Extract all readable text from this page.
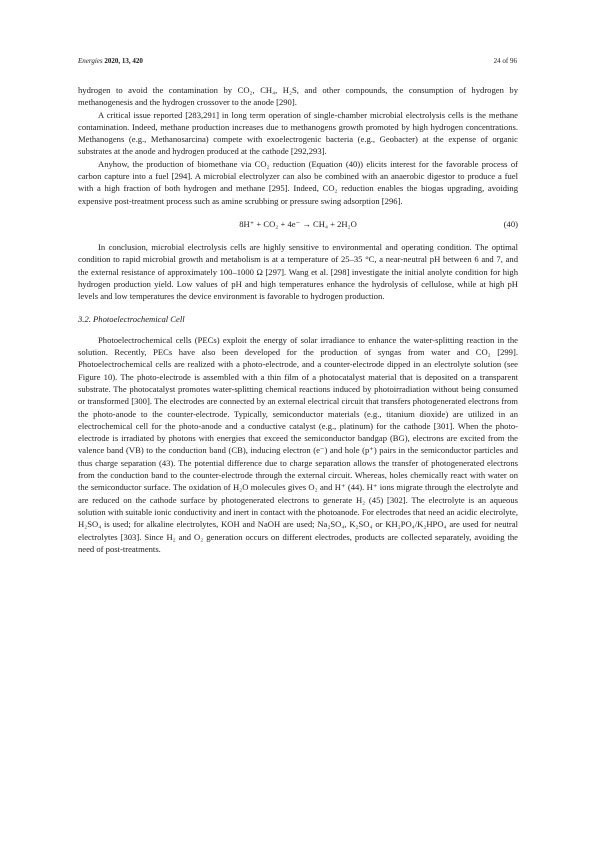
Energies 2020, 13, 420	24 of 96

hydrogen to avoid the contamination by CO₂, CH₄, H₂S, and other compounds, the consumption of hydrogen by methanogenesis and the hydrogen crossover to the anode [290].

A critical issue reported [283,291] in long term operation of single-chamber microbial electrolysis cells is the methane contamination. Indeed, methane production increases due to methanogens growth promoted by high hydrogen concentrations. Methanogens (e.g., Methanosarcina) compete with exoelectrogenic bacteria (e.g., Geobacter) at the expense of organic substrates at the anode and hydrogen produced at the cathode [292,293].

Anyhow, the production of biomethane via CO₂ reduction (Equation (40)) elicits interest for the favorable process of carbon capture into a fuel [294]. A microbial electrolyzer can also be combined with an anaerobic digestor to produce a fuel with a high fraction of both hydrogen and methane [295]. Indeed, CO₂ reduction enables the biogas upgrading, avoiding expensive post-treatment process such as amine scrubbing or pressure swing adsorption [296].

8H⁺ + CO₂ + 4e⁻ → CH₄ + 2H₂O	(40)

In conclusion, microbial electrolysis cells are highly sensitive to environmental and operating condition. The optimal condition to rapid microbial growth and metabolism is at a temperature of 25–35 °C, a near-neutral pH between 6 and 7, and the external resistance of approximately 100–1000 Ω [297]. Wang et al. [298] investigate the initial anolyte condition for high hydrogen production yield. Low values of pH and high temperatures enhance the hydrolysis of cellulose, while at high pH levels and low temperatures the device environment is favorable to hydrogen production.

3.2. Photoelectrochemical Cell

Photoelectrochemical cells (PECs) exploit the energy of solar irradiance to enhance the water-splitting reaction in the solution. Recently, PECs have also been developed for the production of syngas from water and CO₂ [299]. Photoelectrochemical cells are realized with a photo-electrode, and a counter-electrode dipped in an electrolyte solution (see Figure 10). The photo-electrode is assembled with a thin film of a photocatalyst material that is deposited on a transparent substrate. The photocatalyst promotes water-splitting chemical reactions induced by photoirradiation without being consumed or transformed [300]. The electrodes are connected by an external electrical circuit that transfers photogenerated electrons from the photo-anode to the counter-electrode. Typically, semiconductor materials (e.g., titanium dioxide) are utilized in an electrochemical cell for the photo-anode and a conductive catalyst (e.g., platinum) for the cathode [301]. When the photo-electrode is irradiated by photons with energies that exceed the semiconductor bandgap (BG), electrons are excited from the valence band (VB) to the conduction band (CB), inducing electron (e⁻) and hole (p⁺) pairs in the semiconductor particles and thus charge separation (43). The potential difference due to charge separation allows the transfer of photogenerated electrons from the conduction band to the counter-electrode through the external circuit. Whereas, holes chemically react with water on the semiconductor surface. The oxidation of H₂O molecules gives O₂ and H⁺ (44). H⁺ ions migrate through the electrolyte and are reduced on the cathode surface by photogenerated electrons to generate H₂ (45) [302]. The electrolyte is an aqueous solution with suitable ionic conductivity and inert in contact with the photoanode. For electrodes that need an acidic electrolyte, H₂SO₄ is used; for alkaline electrolytes, KOH and NaOH are used; Na₂SO₄, K₂SO₄ or KH₂PO₄/K₂HPO₄ are used for neutral electrolytes [303]. Since H₂ and O₂ generation occurs on different electrodes, products are collected separately, avoiding the need of post-treatments.
